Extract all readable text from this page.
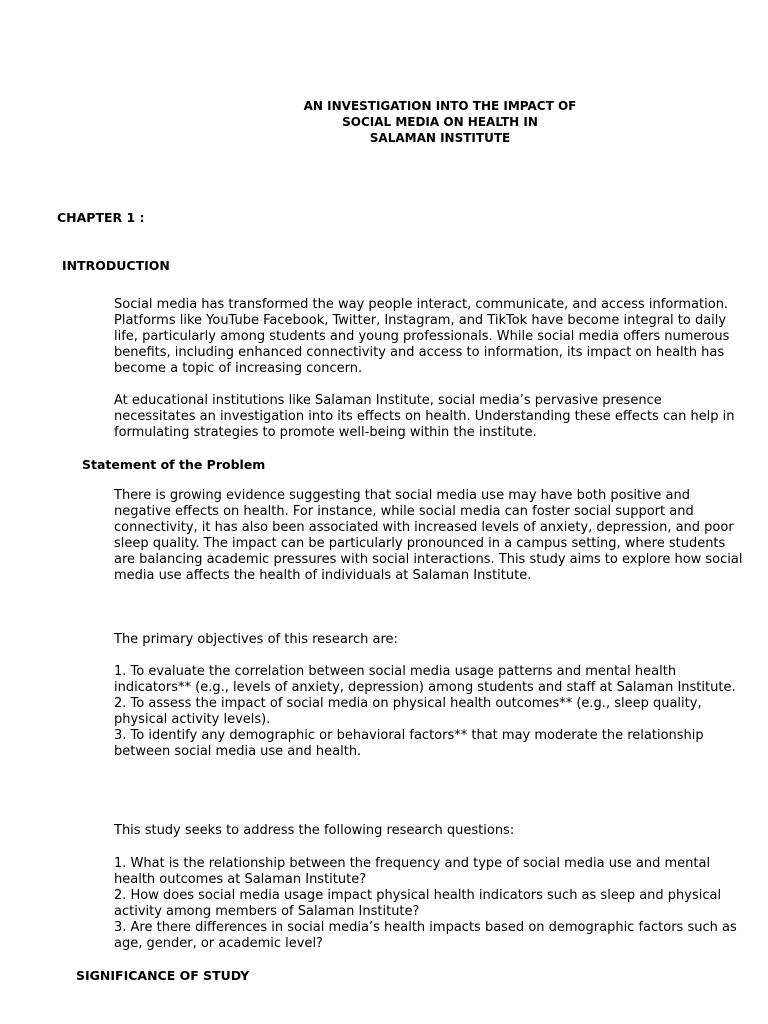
AN INVESTIGATION INTO THE IMPACT OF
SOCIAL MEDIA ON HEALTH IN
SALAMAN INSTITUTE
CHAPTER 1 :
INTRODUCTION
Social media has transformed the way people interact, communicate, and access information.
Platforms like YouTube Facebook, Twitter, Instagram, and TikTok have become integral to daily
life, particularly among students and young professionals. While social media offers numerous
benefits, including enhanced connectivity and access to information, its impact on health has
become a topic of increasing concern.
At educational institutions like Salaman Institute, social media’s pervasive presence
necessitates an investigation into its effects on health. Understanding these effects can help in
formulating strategies to promote well-being within the institute.
Statement of the Problem
There is growing evidence suggesting that social media use may have both positive and
negative effects on health. For instance, while social media can foster social support and
connectivity, it has also been associated with increased levels of anxiety, depression, and poor
sleep quality. The impact can be particularly pronounced in a campus setting, where students
are balancing academic pressures with social interactions. This study aims to explore how social
media use affects the health of individuals at Salaman Institute.
The primary objectives of this research are:
1. To evaluate the correlation between social media usage patterns and mental health
indicators** (e.g., levels of anxiety, depression) among students and staff at Salaman Institute.
2. To assess the impact of social media on physical health outcomes** (e.g., sleep quality,
physical activity levels).
3. To identify any demographic or behavioral factors** that may moderate the relationship
between social media use and health.
This study seeks to address the following research questions:
1. What is the relationship between the frequency and type of social media use and mental
health outcomes at Salaman Institute?
2. How does social media usage impact physical health indicators such as sleep and physical
activity among members of Salaman Institute?
3. Are there differences in social media’s health impacts based on demographic factors such as
age, gender, or academic level?
SIGNIFICANCE OF STUDY
